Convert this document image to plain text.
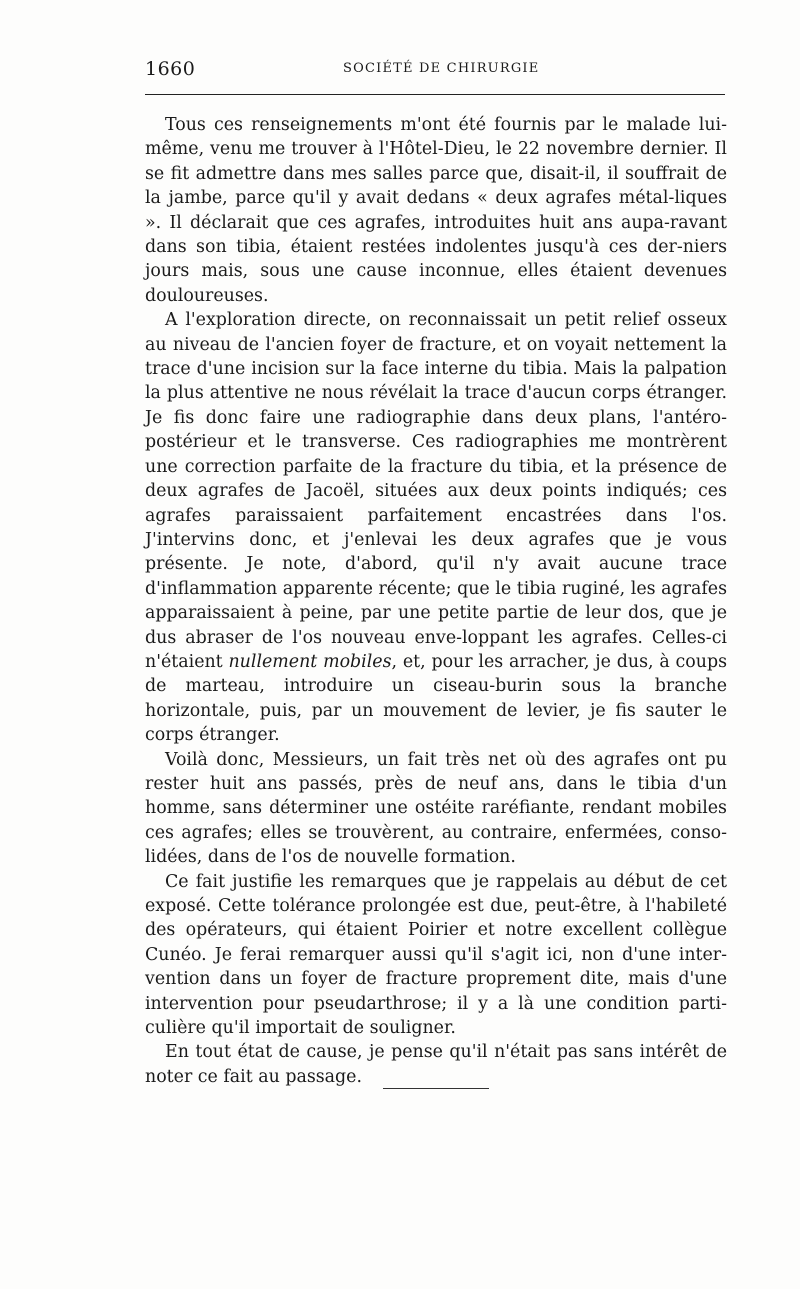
1660	SOCIÉTÉ DE CHIRURGIE

Tous ces renseignements m'ont été fournis par le malade lui-même, venu me trouver à l'Hôtel-Dieu, le 22 novembre dernier. Il se fit admettre dans mes salles parce que, disait-il, il souffrait de la jambe, parce qu'il y avait dedans « deux agrafes métal-liques ». Il déclarait que ces agrafes, introduites huit ans aupa-ravant dans son tibia, étaient restées indolentes jusqu'à ces der-niers jours mais, sous une cause inconnue, elles étaient devenues douloureuses.

A l'exploration directe, on reconnaissait un petit relief osseux au niveau de l'ancien foyer de fracture, et on voyait nettement la trace d'une incision sur la face interne du tibia. Mais la palpation la plus attentive ne nous révélait la trace d'aucun corps étranger. Je fis donc faire une radiographie dans deux plans, l'antéro-postérieur et le transverse. Ces radiographies me montrèrent une correction parfaite de la fracture du tibia, et la présence de deux agrafes de Jacoël, situées aux deux points indiqués; ces agrafes paraissaient parfaitement encastrées dans l'os. J'intervins donc, et j'enlevai les deux agrafes que je vous présente. Je note, d'abord, qu'il n'y avait aucune trace d'inflammation apparente récente; que le tibia ruginé, les agrafes apparaissaient à peine, par une petite partie de leur dos, que je dus abraser de l'os nouveau enve-loppant les agrafes. Celles-ci n'étaient nullement mobiles, et, pour les arracher, je dus, à coups de marteau, introduire un ciseau-burin sous la branche horizontale, puis, par un mouvement de levier, je fis sauter le corps étranger.

Voilà donc, Messieurs, un fait très net où des agrafes ont pu rester huit ans passés, près de neuf ans, dans le tibia d'un homme, sans déterminer une ostéite raréfiante, rendant mobiles ces agrafes; elles se trouvèrent, au contraire, enfermées, conso-lidées, dans de l'os de nouvelle formation.

Ce fait justifie les remarques que je rappelais au début de cet exposé. Cette tolérance prolongée est due, peut-être, à l'habileté des opérateurs, qui étaient Poirier et notre excellent collègue Cunéo. Je ferai remarquer aussi qu'il s'agit ici, non d'une inter-vention dans un foyer de fracture proprement dite, mais d'une intervention pour pseudarthrose; il y a là une condition parti-culière qu'il importait de souligner.

En tout état de cause, je pense qu'il n'était pas sans intérêt de noter ce fait au passage.
